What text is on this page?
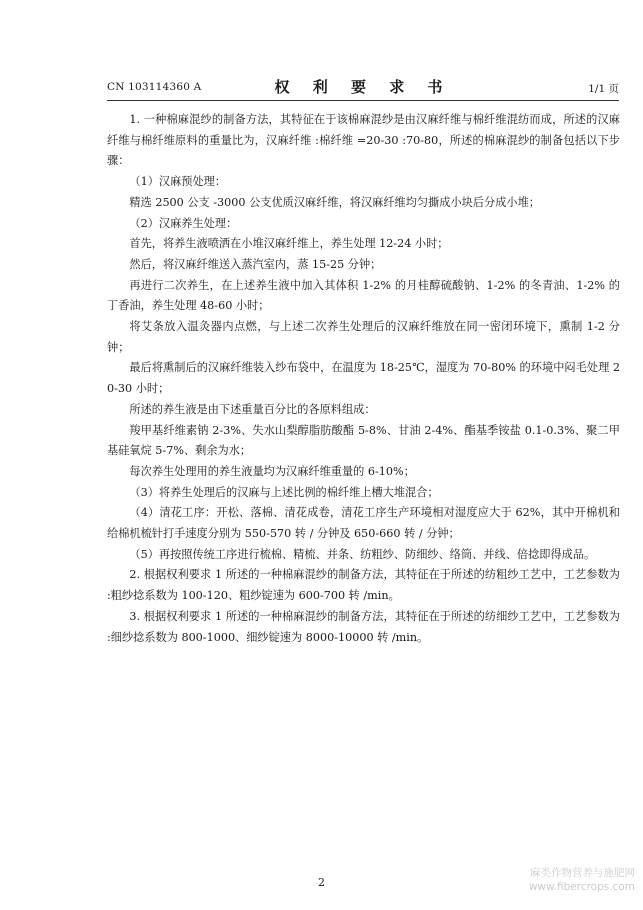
CN 103114360 A	权 利 要 求 书	1/1 页

1. 一种棉麻混纱的制备方法，其特征在于该棉麻混纱是由汉麻纤维与棉纤维混纺而成，所述的汉麻纤维与棉纤维原料的重量比为，汉麻纤维 :棉纤维 =20-30 :70-80，所述的棉麻混纱的制备包括以下步骤：

（1）汉麻预处理：

精选 2500 公支 -3000 公支优质汉麻纤维，将汉麻纤维均匀撕成小块后分成小堆；

（2）汉麻养生处理：

首先，将养生液喷洒在小堆汉麻纤维上，养生处理 12-24 小时；

然后，将汉麻纤维送入蒸汽室内，蒸 15-25 分钟；

再进行二次养生，在上述养生液中加入其体积 1-2% 的月桂醇硫酸钠、1-2% 的冬青油、1-2% 的丁香油，养生处理 48-60 小时；

将艾条放入温灸器内点燃，与上述二次养生处理后的汉麻纤维放在同一密闭环境下，熏制 1-2 分钟；

最后将熏制后的汉麻纤维装入纱布袋中，在温度为 18-25℃，湿度为 70-80% 的环境中闷毛处理 20-30 小时；

所述的养生液是由下述重量百分比的各原料组成：

羧甲基纤维素钠 2-3%、失水山梨醇脂肪酸酯 5-8%、甘油 2-4%、酯基季铵盐 0.1-0.3%、聚二甲基硅氧烷 5-7%、剩余为水；

每次养生处理用的养生液量均为汉麻纤维重量的 6-10%；

（3）将养生处理后的汉麻与上述比例的棉纤维上槽大堆混合；

（4）清花工序：开松、落棉、清花成卷，清花工序生产环境相对湿度应大于 62%，其中开棉机和给棉机梳针打手速度分别为 550-570 转 / 分钟及 650-660 转 / 分钟；

（5）再按照传统工序进行梳棉、精梳、并条、纺粗纱、防细纱、络筒、并线、倍捻即得成品。

2. 根据权利要求 1 所述的一种棉麻混纱的制备方法，其特征在于所述的纺粗纱工艺中，工艺参数为 :粗纱捻系数为 100-120、粗纱锭速为 600-700 转 /min。

3. 根据权利要求 1 所述的一种棉麻混纱的制备方法，其特征在于所述的纺细纱工艺中，工艺参数为 :细纱捻系数为 800-1000、细纱锭速为 8000-10000 转 /min。

2
麻类作物营养与施肥网
www.fibercrops.com
